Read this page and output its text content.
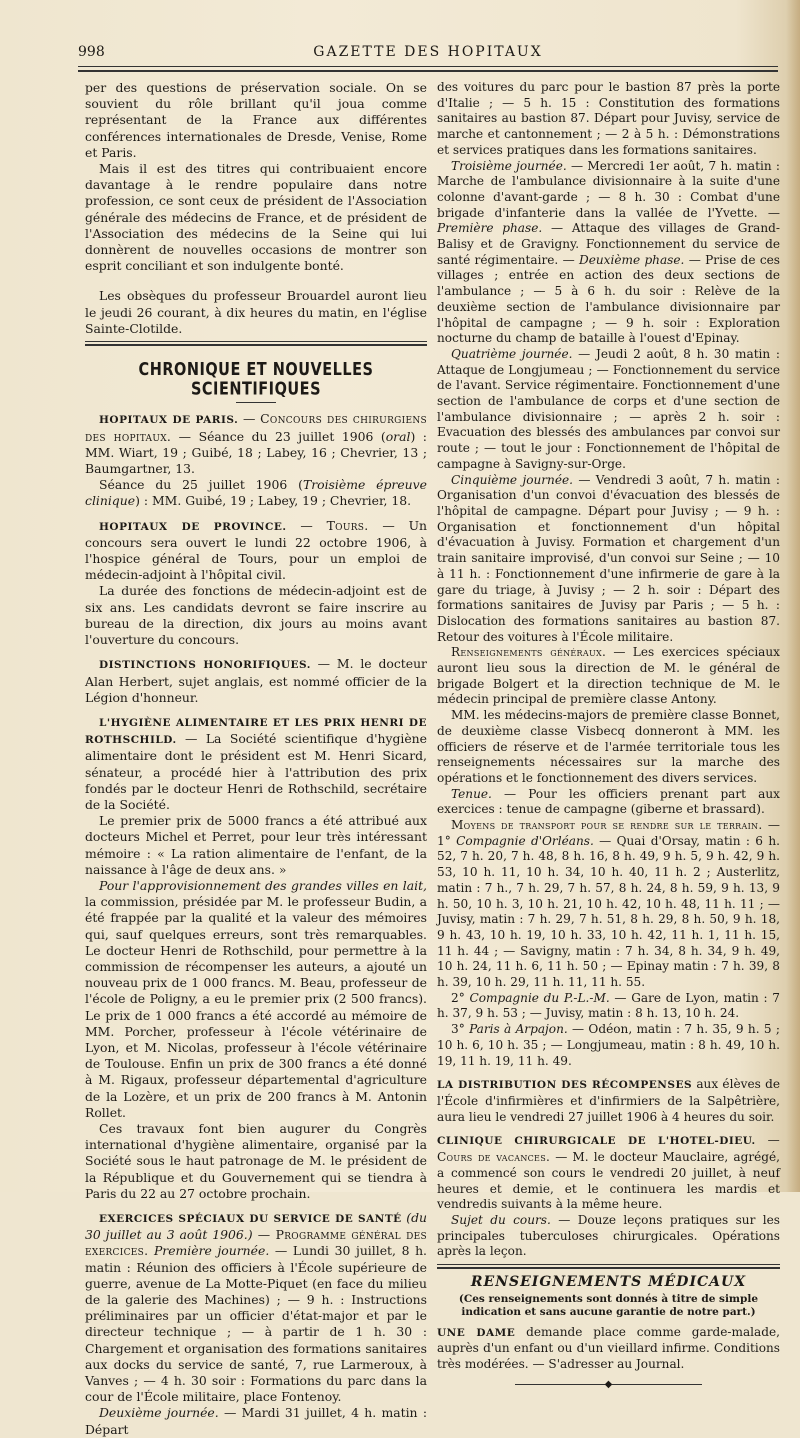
998	GAZETTE DES HOPITAUX

per des questions de préservation sociale. On se souvient du rôle brillant qu'il joua comme représentant de la France aux différentes conférences internationales de Dresde, Venise, Rome et Paris.

Mais il est des titres qui contribuaient encore davantage à le rendre populaire dans notre profession, ce sont ceux de président de l'Association générale des médecins de France, et de président de l'Association des médecins de la Seine qui lui donnèrent de nouvelles occasions de montrer son esprit conciliant et son indulgente bonté.

Les obsèques du professeur Brouardel auront lieu le jeudi 26 courant, à dix heures du matin, en l'église Sainte-Clotilde.

CHRONIQUE ET NOUVELLES SCIENTIFIQUES

HOPITAUX DE PARIS. — Concours des chirurgiens des hopitaux. — Séance du 23 juillet 1906 (oral) : MM. Wiart, 19 ; Guibé, 18 ; Labey, 16 ; Chevrier, 13 ; Baumgartner, 13.

Séance du 25 juillet 1906 (Troisième épreuve clinique) : MM. Guibé, 19 ; Labey, 19 ; Chevrier, 18.

HOPITAUX DE PROVINCE. — Tours. — Un concours sera ouvert le lundi 22 octobre 1906, à l'hospice général de Tours, pour un emploi de médecin-adjoint à l'hôpital civil.

La durée des fonctions de médecin-adjoint est de six ans. Les candidats devront se faire inscrire au bureau de la direction, dix jours au moins avant l'ouverture du concours.

DISTINCTIONS HONORIFIQUES. — M. le docteur Alan Herbert, sujet anglais, est nommé officier de la Légion d'honneur.

L'HYGIÈNE ALIMENTAIRE ET LES PRIX HENRI DE ROTHSCHILD. — La Société scientifique d'hygiène alimentaire dont le président est M. Henri Sicard, sénateur, a procédé hier à l'attribution des prix fondés par le docteur Henri de Rothschild, secrétaire de la Société.

Le premier prix de 5000 francs a été attribué aux docteurs Michel et Perret, pour leur très intéressant mémoire : « La ration alimentaire de l'enfant, de la naissance à l'âge de deux ans. »

Pour l'approvisionnement des grandes villes en lait, la commission, présidée par M. le professeur Budin, a été frappée par la qualité et la valeur des mémoires qui, sauf quelques erreurs, sont très remarquables. Le docteur Henri de Rothschild, pour permettre à la commission de récompenser les auteurs, a ajouté un nouveau prix de 1 000 francs. M. Beau, professeur de l'école de Poligny, a eu le premier prix (2 500 francs). Le prix de 1 000 francs a été accordé au mémoire de MM. Porcher, professeur à l'école vétérinaire de Lyon, et M. Nicolas, professeur à l'école vétérinaire de Toulouse. Enfin un prix de 300 francs a été donné à M. Rigaux, professeur départemental d'agriculture de la Lozère, et un prix de 200 francs à M. Antonin Rollet.

Ces travaux font bien augurer du Congrès international d'hygiène alimentaire, organisé par la Société sous le haut patronage de M. le président de la République et du Gouvernement qui se tiendra à Paris du 22 au 27 octobre prochain.

EXERCICES SPÉCIAUX DU SERVICE DE SANTÉ (du 30 juillet au 3 août 1906.) — Programme général des exercices. Première journée. — Lundi 30 juillet, 8 h. matin : Réunion des officiers à l'École supérieure de guerre, avenue de La Motte-Piquet (en face du milieu de la galerie des Machines) ; — 9 h. : Instructions préliminaires par un officier d'état-major et par le directeur technique ; — à partir de 1 h. 30 : Chargement et organisation des formations sanitaires aux docks du service de santé, 7, rue Larmeroux, à Vanves ; — 4 h. 30 soir : Formations du parc dans la cour de l'École militaire, place Fontenoy.

Deuxième journée. — Mardi 31 juillet, 4 h. matin : Départ

des voitures du parc pour le bastion 87 près la porte d'Italie ; — 5 h. 15 : Constitution des formations sanitaires au bastion 87. Départ pour Juvisy, service de marche et cantonnement ; — 2 à 5 h. : Démonstrations et services pratiques dans les formations sanitaires.

Troisième journée. — Mercredi 1er août, 7 h. matin : Marche de l'ambulance divisionnaire à la suite d'une colonne d'avant-garde ; — 8 h. 30 : Combat d'une brigade d'infanterie dans la vallée de l'Yvette. — Première phase. — Attaque des villages de Grand-Balisy et de Gravigny. Fonctionnement du service de santé régimentaire. — Deuxième phase. — Prise de ces villages ; entrée en action des deux sections de l'ambulance ; — 5 à 6 h. du soir : Relève de la deuxième section de l'ambulance divisionnaire par l'hôpital de campagne ; — 9 h. soir : Exploration nocturne du champ de bataille à l'ouest d'Epinay.

Quatrième journée. — Jeudi 2 août, 8 h. 30 matin : Attaque de Longjumeau ; — Fonctionnement du service de l'avant. Service régimentaire. Fonctionnement d'une section de l'ambulance de corps et d'une section de l'ambulance divisionnaire ; — après 2 h. soir : Evacuation des blessés des ambulances par convoi sur route ; — tout le jour : Fonctionnement de l'hôpital de campagne à Savigny-sur-Orge.

Cinquième journée. — Vendredi 3 août, 7 h. matin : Organisation d'un convoi d'évacuation des blessés de l'hôpital de campagne. Départ pour Juvisy ; — 9 h. : Organisation et fonctionnement d'un hôpital d'évacuation à Juvisy. Formation et chargement d'un train sanitaire improvisé, d'un convoi sur Seine ; — 10 à 11 h. : Fonctionnement d'une infirmerie de gare à la gare du triage, à Juvisy ; — 2 h. soir : Départ des formations sanitaires de Juvisy par Paris ; — 5 h. : Dislocation des formations sanitaires au bastion 87. Retour des voitures à l'École militaire.

Renseignements généraux. — Les exercices spéciaux auront lieu sous la direction de M. le général de brigade Bolgert et la direction technique de M. le médecin principal de première classe Antony.

MM. les médecins-majors de première classe Bonnet, de deuxième classe Visbecq donneront à MM. les officiers de réserve et de l'armée territoriale tous les renseignements nécessaires sur la marche des opérations et le fonctionnement des divers services.

Tenue. — Pour les officiers prenant part aux exercices : tenue de campagne (giberne et brassard).

Moyens de transport pour se rendre sur le terrain. — 1° Compagnie d'Orléans. — Quai d'Orsay, matin : 6 h. 52, 7 h. 20, 7 h. 48, 8 h. 16, 8 h. 49, 9 h. 5, 9 h. 42, 9 h. 53, 10 h. 11, 10 h. 34, 10 h. 40, 11 h. 2 ; Austerlitz, matin : 7 h., 7 h. 29, 7 h. 57, 8 h. 24, 8 h. 59, 9 h. 13, 9 h. 50, 10 h. 3, 10 h. 21, 10 h. 42, 10 h. 48, 11 h. 11 ; — Juvisy, matin : 7 h. 29, 7 h. 51, 8 h. 29, 8 h. 50, 9 h. 18, 9 h. 43, 10 h. 19, 10 h. 33, 10 h. 42, 11 h. 1, 11 h. 15, 11 h. 44 ; — Savigny, matin : 7 h. 34, 8 h. 34, 9 h. 49, 10 h. 24, 11 h. 6, 11 h. 50 ; — Epinay matin : 7 h. 39, 8 h. 39, 10 h. 29, 11 h. 11, 11 h. 55.

2° Compagnie du P.-L.-M. — Gare de Lyon, matin : 7 h. 37, 9 h. 53 ; — Juvisy, matin : 8 h. 13, 10 h. 24.

3° Paris à Arpajon. — Odéon, matin : 7 h. 35, 9 h. 5 ; 10 h. 6, 10 h. 35 ; — Longjumeau, matin : 8 h. 49, 10 h. 19, 11 h. 19, 11 h. 49.

LA DISTRIBUTION DES RÉCOMPENSES aux élèves de l'École d'infirmières et d'infirmiers de la Salpêtrière, aura lieu le vendredi 27 juillet 1906 à 4 heures du soir.

CLINIQUE CHIRURGICALE DE L'HOTEL-DIEU. — Cours de vacances. — M. le docteur Mauclaire, agrégé, a commencé son cours le vendredi 20 juillet, à neuf heures et demie, et le continuera les mardis et vendredis suivants à la même heure.

Sujet du cours. — Douze leçons pratiques sur les principales tuberculoses chirurgicales. Opérations après la leçon.

RENSEIGNEMENTS MÉDICAUX
(Ces renseignements sont donnés à titre de simple indication et sans aucune garantie de notre part.)

UNE DAME demande place comme garde-malade, auprès d'un enfant ou d'un vieillard infirme. Conditions très modérées. — S'adresser au Journal.

◆
